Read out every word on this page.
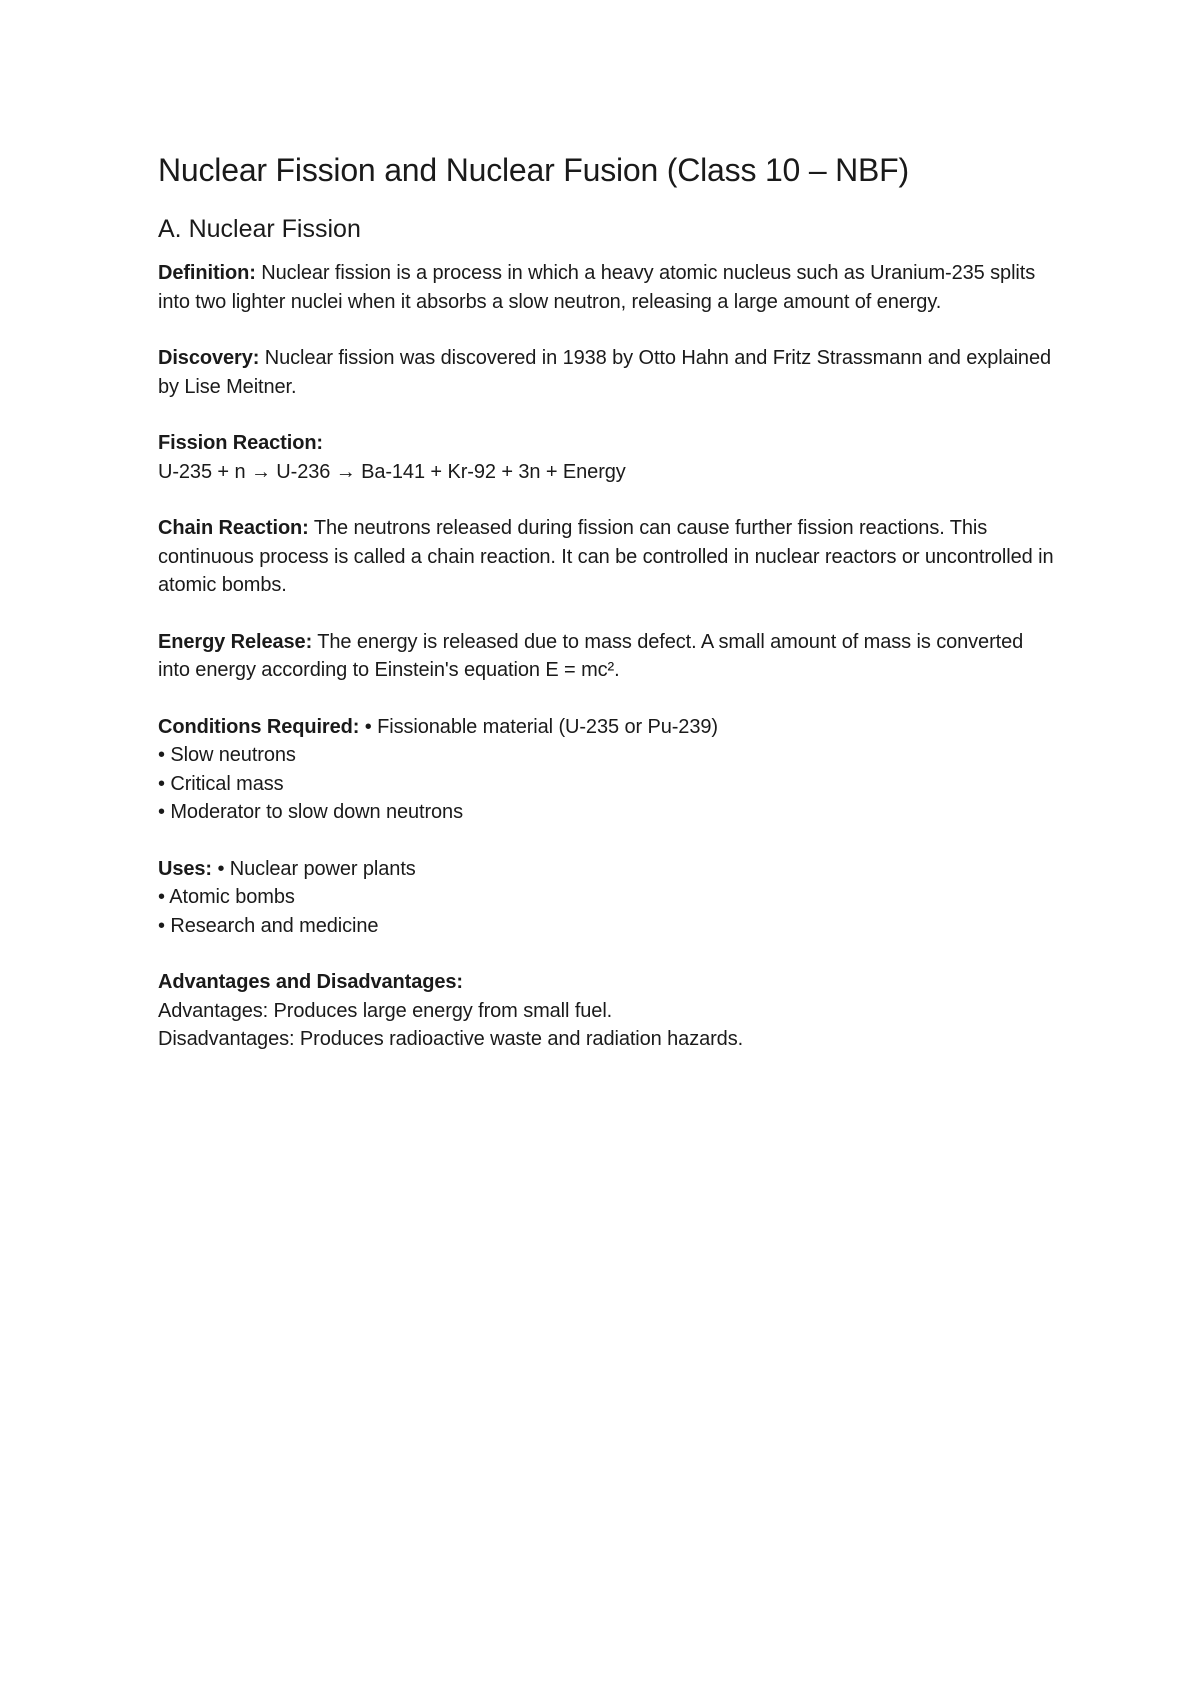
Nuclear Fission and Nuclear Fusion (Class 10 – NBF)
A. Nuclear Fission

Definition: Nuclear fission is a process in which a heavy atomic nucleus such as Uranium-235 splits into two lighter nuclei when it absorbs a slow neutron, releasing a large amount of energy.

Discovery: Nuclear fission was discovered in 1938 by Otto Hahn and Fritz Strassmann and explained by Lise Meitner.

Fission Reaction:
U-235 + n → U-236 → Ba-141 + Kr-92 + 3n + Energy

Chain Reaction: The neutrons released during fission can cause further fission reactions. This continuous process is called a chain reaction. It can be controlled in nuclear reactors or uncontrolled in atomic bombs.

Energy Release: The energy is released due to mass defect. A small amount of mass is converted into energy according to Einstein's equation E = mc².

Conditions Required: • Fissionable material (U-235 or Pu-239)
• Slow neutrons
• Critical mass
• Moderator to slow down neutrons

Uses: • Nuclear power plants
• Atomic bombs
• Research and medicine

Advantages and Disadvantages:
Advantages: Produces large energy from small fuel.
Disadvantages: Produces radioactive waste and radiation hazards.
